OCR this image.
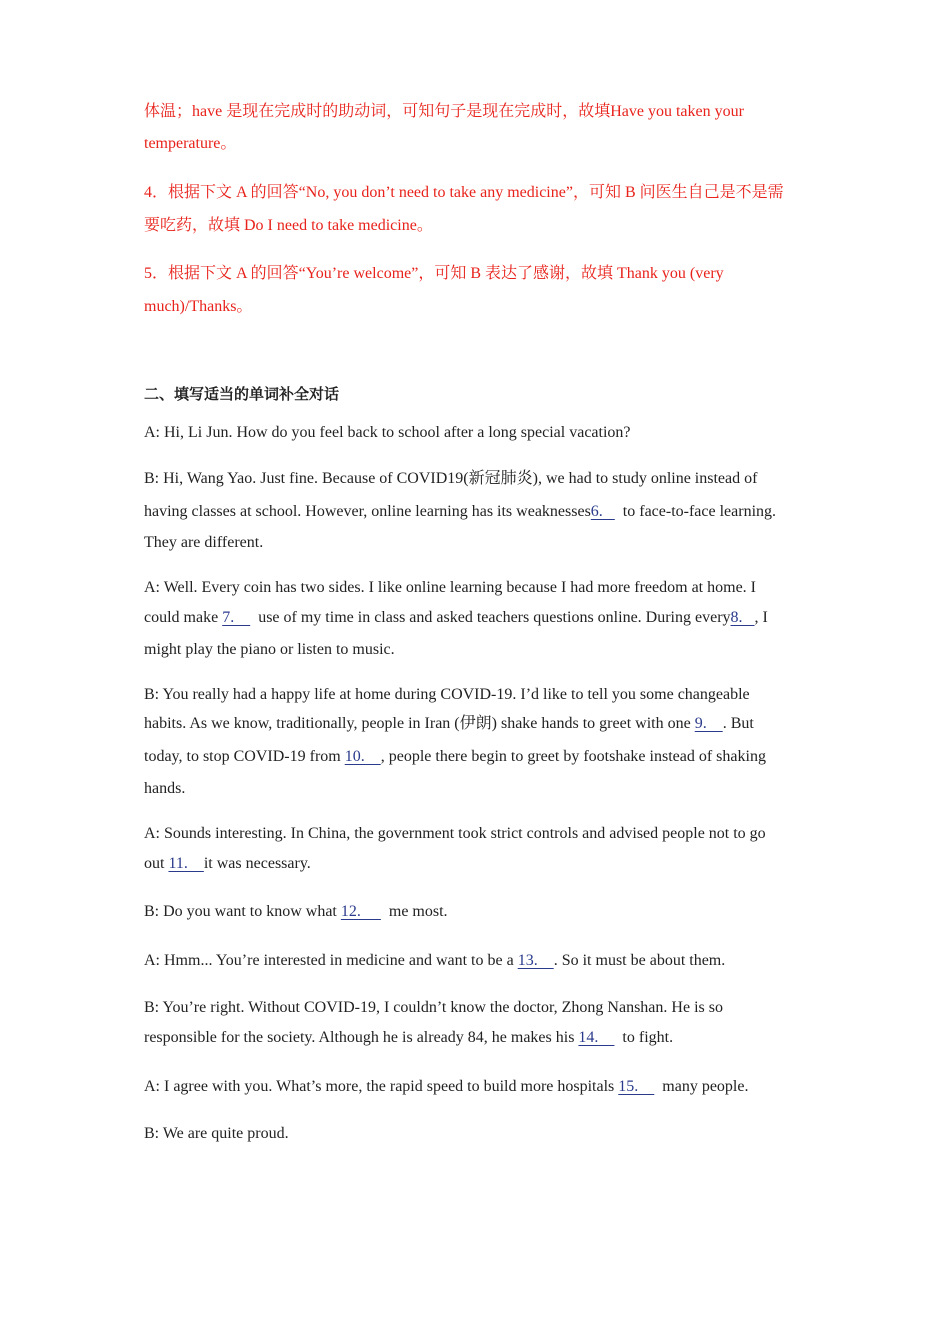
体温；have 是现在完成时的助动词，可知句子是现在完成时，故填Have you taken your
temperature。
4．根据下文 A 的回答“No, you don’t need to take any medicine”，可知 B 问医生自己是不是需
要吃药，故填 Do I need to take medicine。
5．根据下文 A 的回答“You’re welcome”，可知 B 表达了感谢，故填 Thank you (very
much)/Thanks。
二、填写适当的单词补全对话
A: Hi, Li Jun. How do you feel back to school after a long special vacation?
B: Hi, Wang Yao. Just fine. Because of COVID19(新冠肺炎), we had to study online instead of
having classes at school. However, online learning has its weaknesses6.     to face-to-face learning.
They are different.
A: Well. Every coin has two sides. I like online learning because I had more freedom at home. I
could make 7.      use of my time in class and asked teachers questions online. During every8.   , I
might play the piano or listen to music.
B: You really had a happy life at home during COVID-19. I’d like to tell you some changeable
habits. As we know, traditionally, people in Iran (伊朗) shake hands to greet with one 9.    . But
today, to stop COVID-19 from 10.    , people there begin to greet by footshake instead of shaking
hands.
A: Sounds interesting. In China, the government took strict controls and advised people not to go
out 11.    it was necessary.
B: Do you want to know what 12.       me most.
A: Hmm... You’re interested in medicine and want to be a 13.    . So it must be about them.
B: You’re right. Without COVID-19, I couldn’t know the doctor, Zhong Nanshan. He is so
responsible for the society. Although he is already 84, he makes his 14.      to fight.
A: I agree with you. What’s more, the rapid speed to build more hospitals 15.      many people.
B: We are quite proud.
